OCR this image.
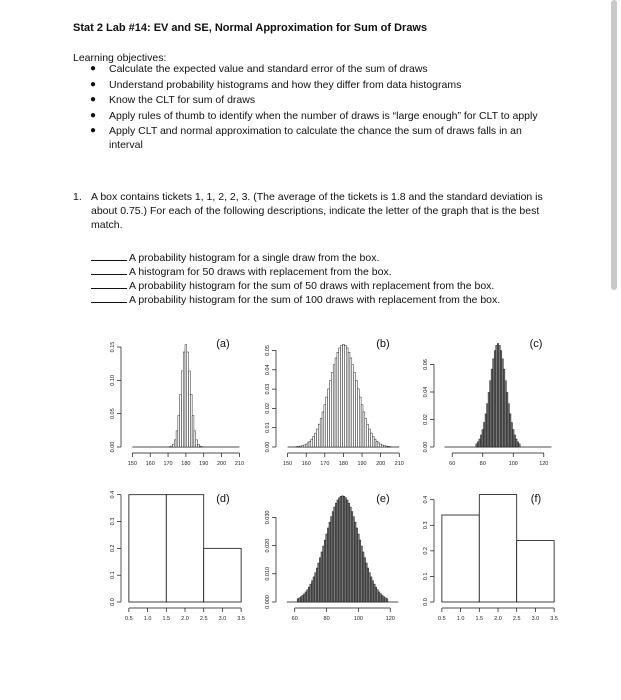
Stat 2 Lab #14: EV and SE, Normal Approximation for Sum of Draws
Learning objectives:
● Calculate the expected value and standard error of the sum of draws
● Understand probability histograms and how they differ from data histograms
● Know the CLT for sum of draws
● Apply rules of thumb to identify when the number of draws is “large enough” for CLT to apply
● Apply CLT and normal approximation to calculate the chance the sum of draws falls in an interval
1. A box contains tickets 1, 1, 2, 2, 3. (The average of the tickets is 1.8 and the standard deviation is about 0.75.) For each of the following descriptions, indicate the letter of the graph that is the best match.
A probability histogram for a single draw from the box.
A histogram for 50 draws with replacement from the box.
A probability histogram for the sum of 50 draws with replacement from the box.
A probability histogram for the sum of 100 draws with replacement from the box.
0.00
0.05
0.10
0.15
150 160 170 180 190 200 210
(a)
0.00
0.01
0.02
0.03
0.04
0.05
150 160 170 180 190 200 210
(b)
0.00
0.02
0.04
0.06
60	80	100	120
(c)
0.0
0.1
0.2
0.3
0.4
0.5 1.0 1.5 2.0 2.5 3.0 3.5
(d)
0.000
0.010
0.020
0.030
60	80	100	120
(e)
0.0
0.1
0.2
0.3
0.4
0.5 1.0 1.5 2.0 2.5 3.0 3.5
(f)
